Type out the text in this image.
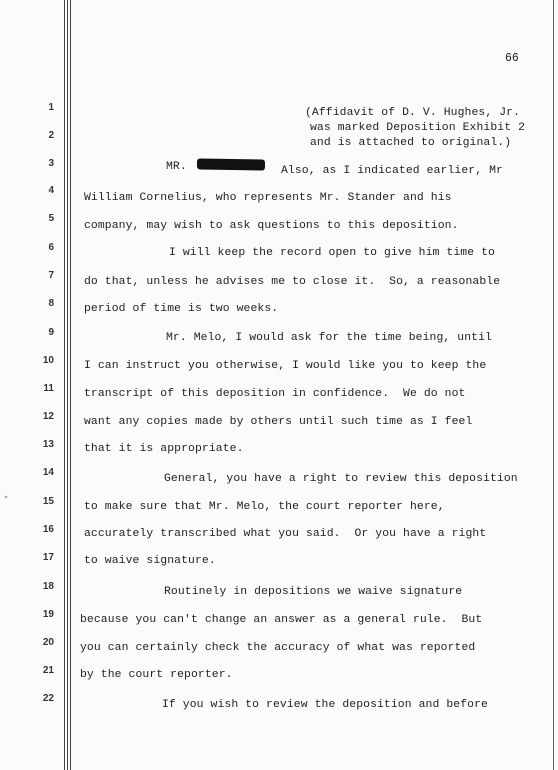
66
1
2
3
4
5
6
7
8
9
10
11
12
13
14
15
16
17
18
19
20
21
22
(Affidavit of D. V. Hughes, Jr.
was marked Deposition Exhibit 2
and is attached to original.)
MR.	Also, as I indicated earlier, Mr
William Cornelius, who represents Mr. Stander and his
company, may wish to ask questions to this deposition.
I will keep the record open to give him time to
do that, unless he advises me to close it.  So, a reasonable
period of time is two weeks.
Mr. Melo, I would ask for the time being, until
I can instruct you otherwise, I would like you to keep the
transcript of this deposition in confidence.  We do not
want any copies made by others until such time as I feel
that it is appropriate.
General, you have a right to review this deposition
to make sure that Mr. Melo, the court reporter here,
accurately transcribed what you said.  Or you have a right
to waive signature.
Routinely in depositions we waive signature
because you can't change an answer as a general rule.  But
you can certainly check the accuracy of what was reported
by the court reporter.
If you wish to review the deposition and before
▸
